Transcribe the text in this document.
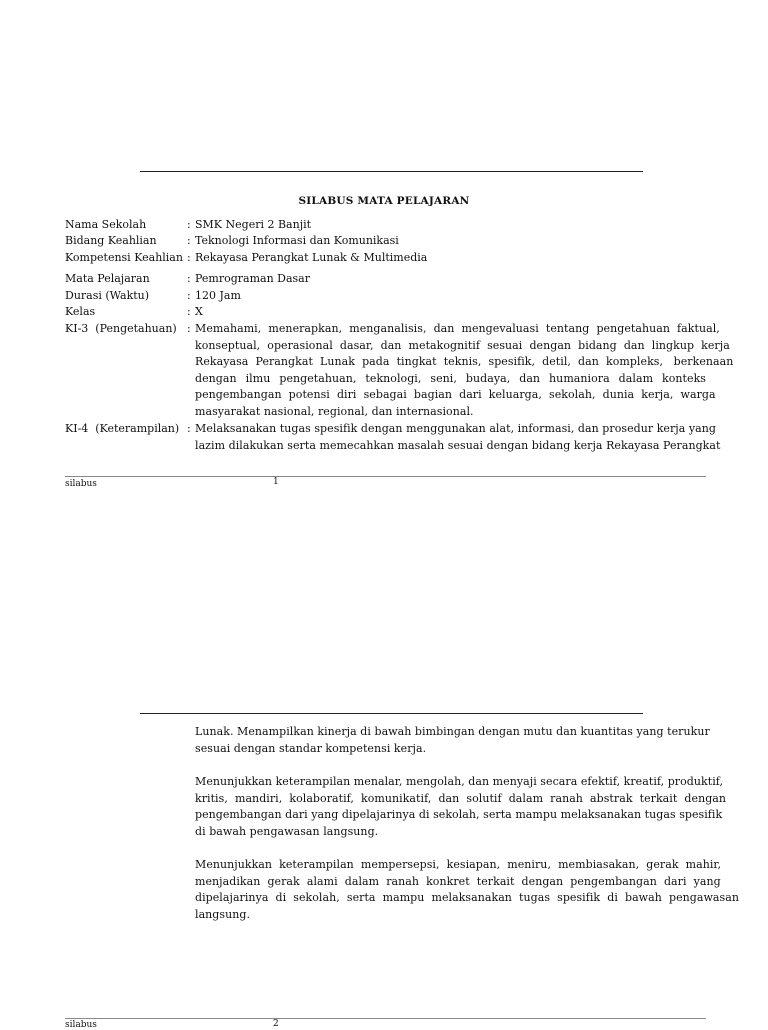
SILABUS MATA PELAJARAN
Nama Sekolah	: SMK Negeri 2 Banjit
Bidang Keahlian	: Teknologi Informasi dan Komunikasi
Kompetensi Keahlian : Rekayasa Perangkat Lunak & Multimedia
Mata Pelajaran	: Pemrograman Dasar
Durasi (Waktu)	: 120 Jam
Kelas	: X
KI-3  (Pengetahuan) : Memahami,  menerapkan,  menganalisis,  dan  mengevaluasi  tentang  pengetahuan  faktual,
konseptual,  operasional  dasar,  dan  metakognitif  sesuai  dengan  bidang  dan  lingkup  kerja
Rekayasa  Perangkat  Lunak  pada  tingkat  teknis,  spesifik,  detil,  dan  kompleks,   berkenaan
dengan  ilmu  pengetahuan,  teknologi,  seni,  budaya,  dan  humaniora  dalam  konteks
pengembangan  potensi  diri  sebagai  bagian  dari  keluarga,  sekolah,  dunia  kerja,  warga
masyarakat nasional, regional, dan internasional.
KI-4  (Keterampilan) : Melaksanakan tugas spesifik dengan menggunakan alat, informasi, dan prosedur kerja yang
lazim dilakukan serta memecahkan masalah sesuai dengan bidang kerja Rekayasa Perangkat
silabus	1
Lunak. Menampilkan kinerja di bawah bimbingan dengan mutu dan kuantitas yang terukur
sesuai dengan standar kompetensi kerja.
Menunjukkan keterampilan menalar, mengolah, dan menyaji secara efektif, kreatif, produktif,
kritis,  mandiri,  kolaboratif,  komunikatif,  dan  solutif  dalam  ranah  abstrak  terkait  dengan
pengembangan dari yang dipelajarinya di sekolah, serta mampu melaksanakan tugas spesifik
di bawah pengawasan langsung.
Menunjukkan  keterampilan  mempersepsi,  kesiapan,  meniru,  membiasakan,  gerak  mahir,
menjadikan  gerak  alami  dalam  ranah  konkret  terkait  dengan  pengembangan  dari  yang
dipelajarinya  di  sekolah,  serta  mampu  melaksanakan  tugas  spesifik  di  bawah  pengawasan
langsung.
silabus	2
